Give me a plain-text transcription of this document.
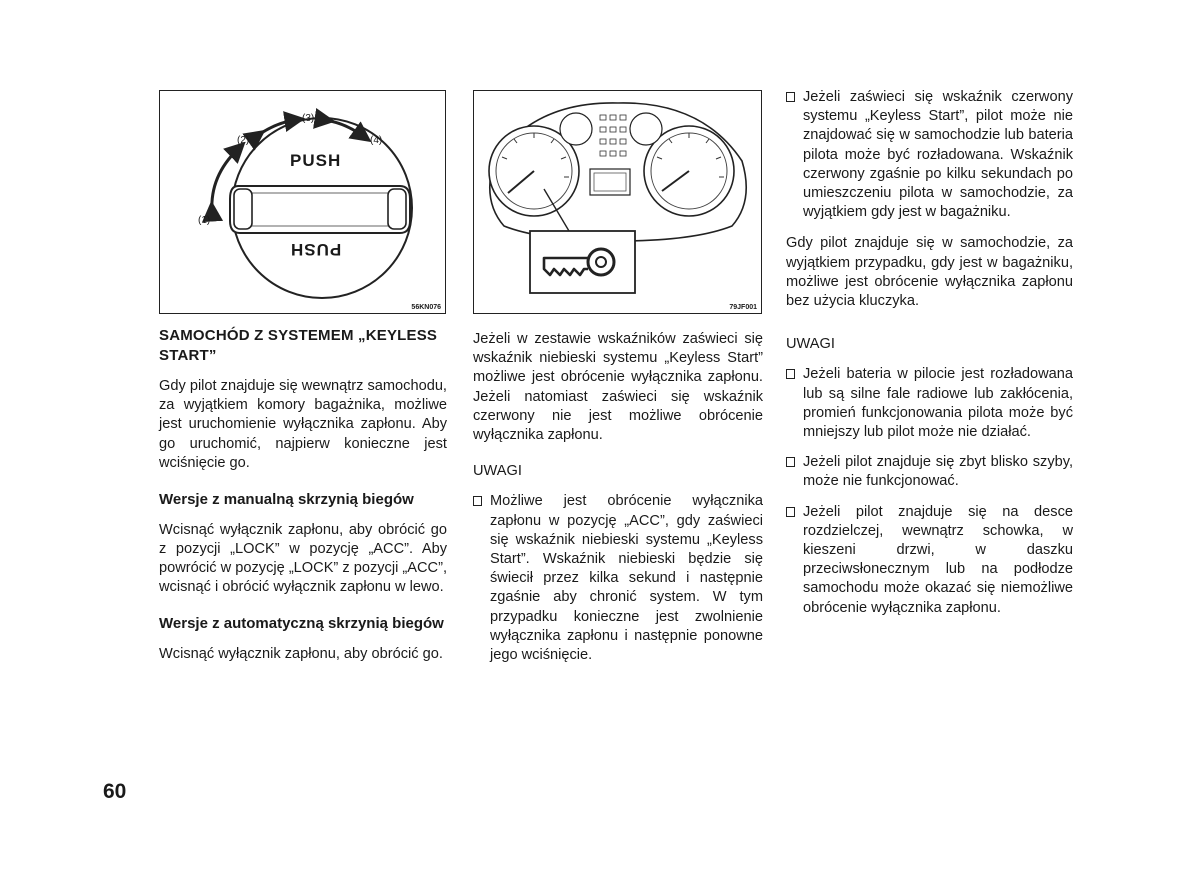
PUSH
PUSH
(1)
(2)
(3)
(4)
56KN076	79JF001
SAMOCHÓD Z SYSTEMEM „KEYLESS START”

Gdy pilot znajduje się wewnątrz samochodu, za wyjątkiem komory bagażnika, możliwe jest uruchomienie wyłącznika zapłonu. Aby go uruchomić, najpierw konieczne jest wciśnięcie go.

Wersje z manualną skrzynią biegów

Wcisnąć wyłącznik zapłonu, aby obrócić go z pozycji „LOCK” w pozycję „ACC”. Aby powrócić w pozycję „LOCK” z pozycji „ACC”, wcisnąć i obrócić wyłącznik zapłonu w lewo.

Wersje z automatyczną skrzynią biegów

Wcisnąć wyłącznik zapłonu, aby obrócić go.

Jeżeli w zestawie wskaźników zaświeci się wskaźnik niebieski systemu „Keyless Start” możliwe jest obrócenie wyłącznika zapłonu. Jeżeli natomiast zaświeci się wskaźnik czerwony nie jest możliwe obrócenie wyłącznika zapłonu.

UWAGI
Możliwe jest obrócenie wyłącznika zapłonu w pozycję „ACC”, gdy zaświeci się wskaźnik niebieski systemu „Keyless Start”. Wskaźnik niebieski będzie się świecił przez kilka sekund i następnie zgaśnie aby chronić system. W tym przypadku konieczne jest zwolnienie wyłącznika zapłonu i następnie ponowne jego wciśnięcie.
Jeżeli zaświeci się wskaźnik czerwony systemu „Keyless Start”, pilot może nie znajdować się w samochodzie lub bateria pilota może być rozładowana. Wskaźnik czerwony zgaśnie po kilku sekundach po umieszczeniu pilota w samochodzie, za wyjątkiem gdy jest w bagażniku.

Gdy pilot znajduje się w samochodzie, za wyjątkiem przypadku, gdy jest w bagażniku, możliwe jest obrócenie wyłącznika zapłonu bez użycia kluczyka.

UWAGI
Jeżeli bateria w pilocie jest rozładowana lub są silne fale radiowe lub zakłócenia, promień funkcjonowania pilota może być mniejszy lub pilot może nie działać.
Jeżeli pilot znajduje się zbyt blisko szyby, może nie funkcjonować.
Jeżeli pilot znajduje się na desce rozdzielczej, wewnątrz schowka, w kieszeni drzwi, w daszku przeciwsłonecznym lub na podłodze samochodu może okazać się niemożliwe obrócenie wyłącznika zapłonu.
60
